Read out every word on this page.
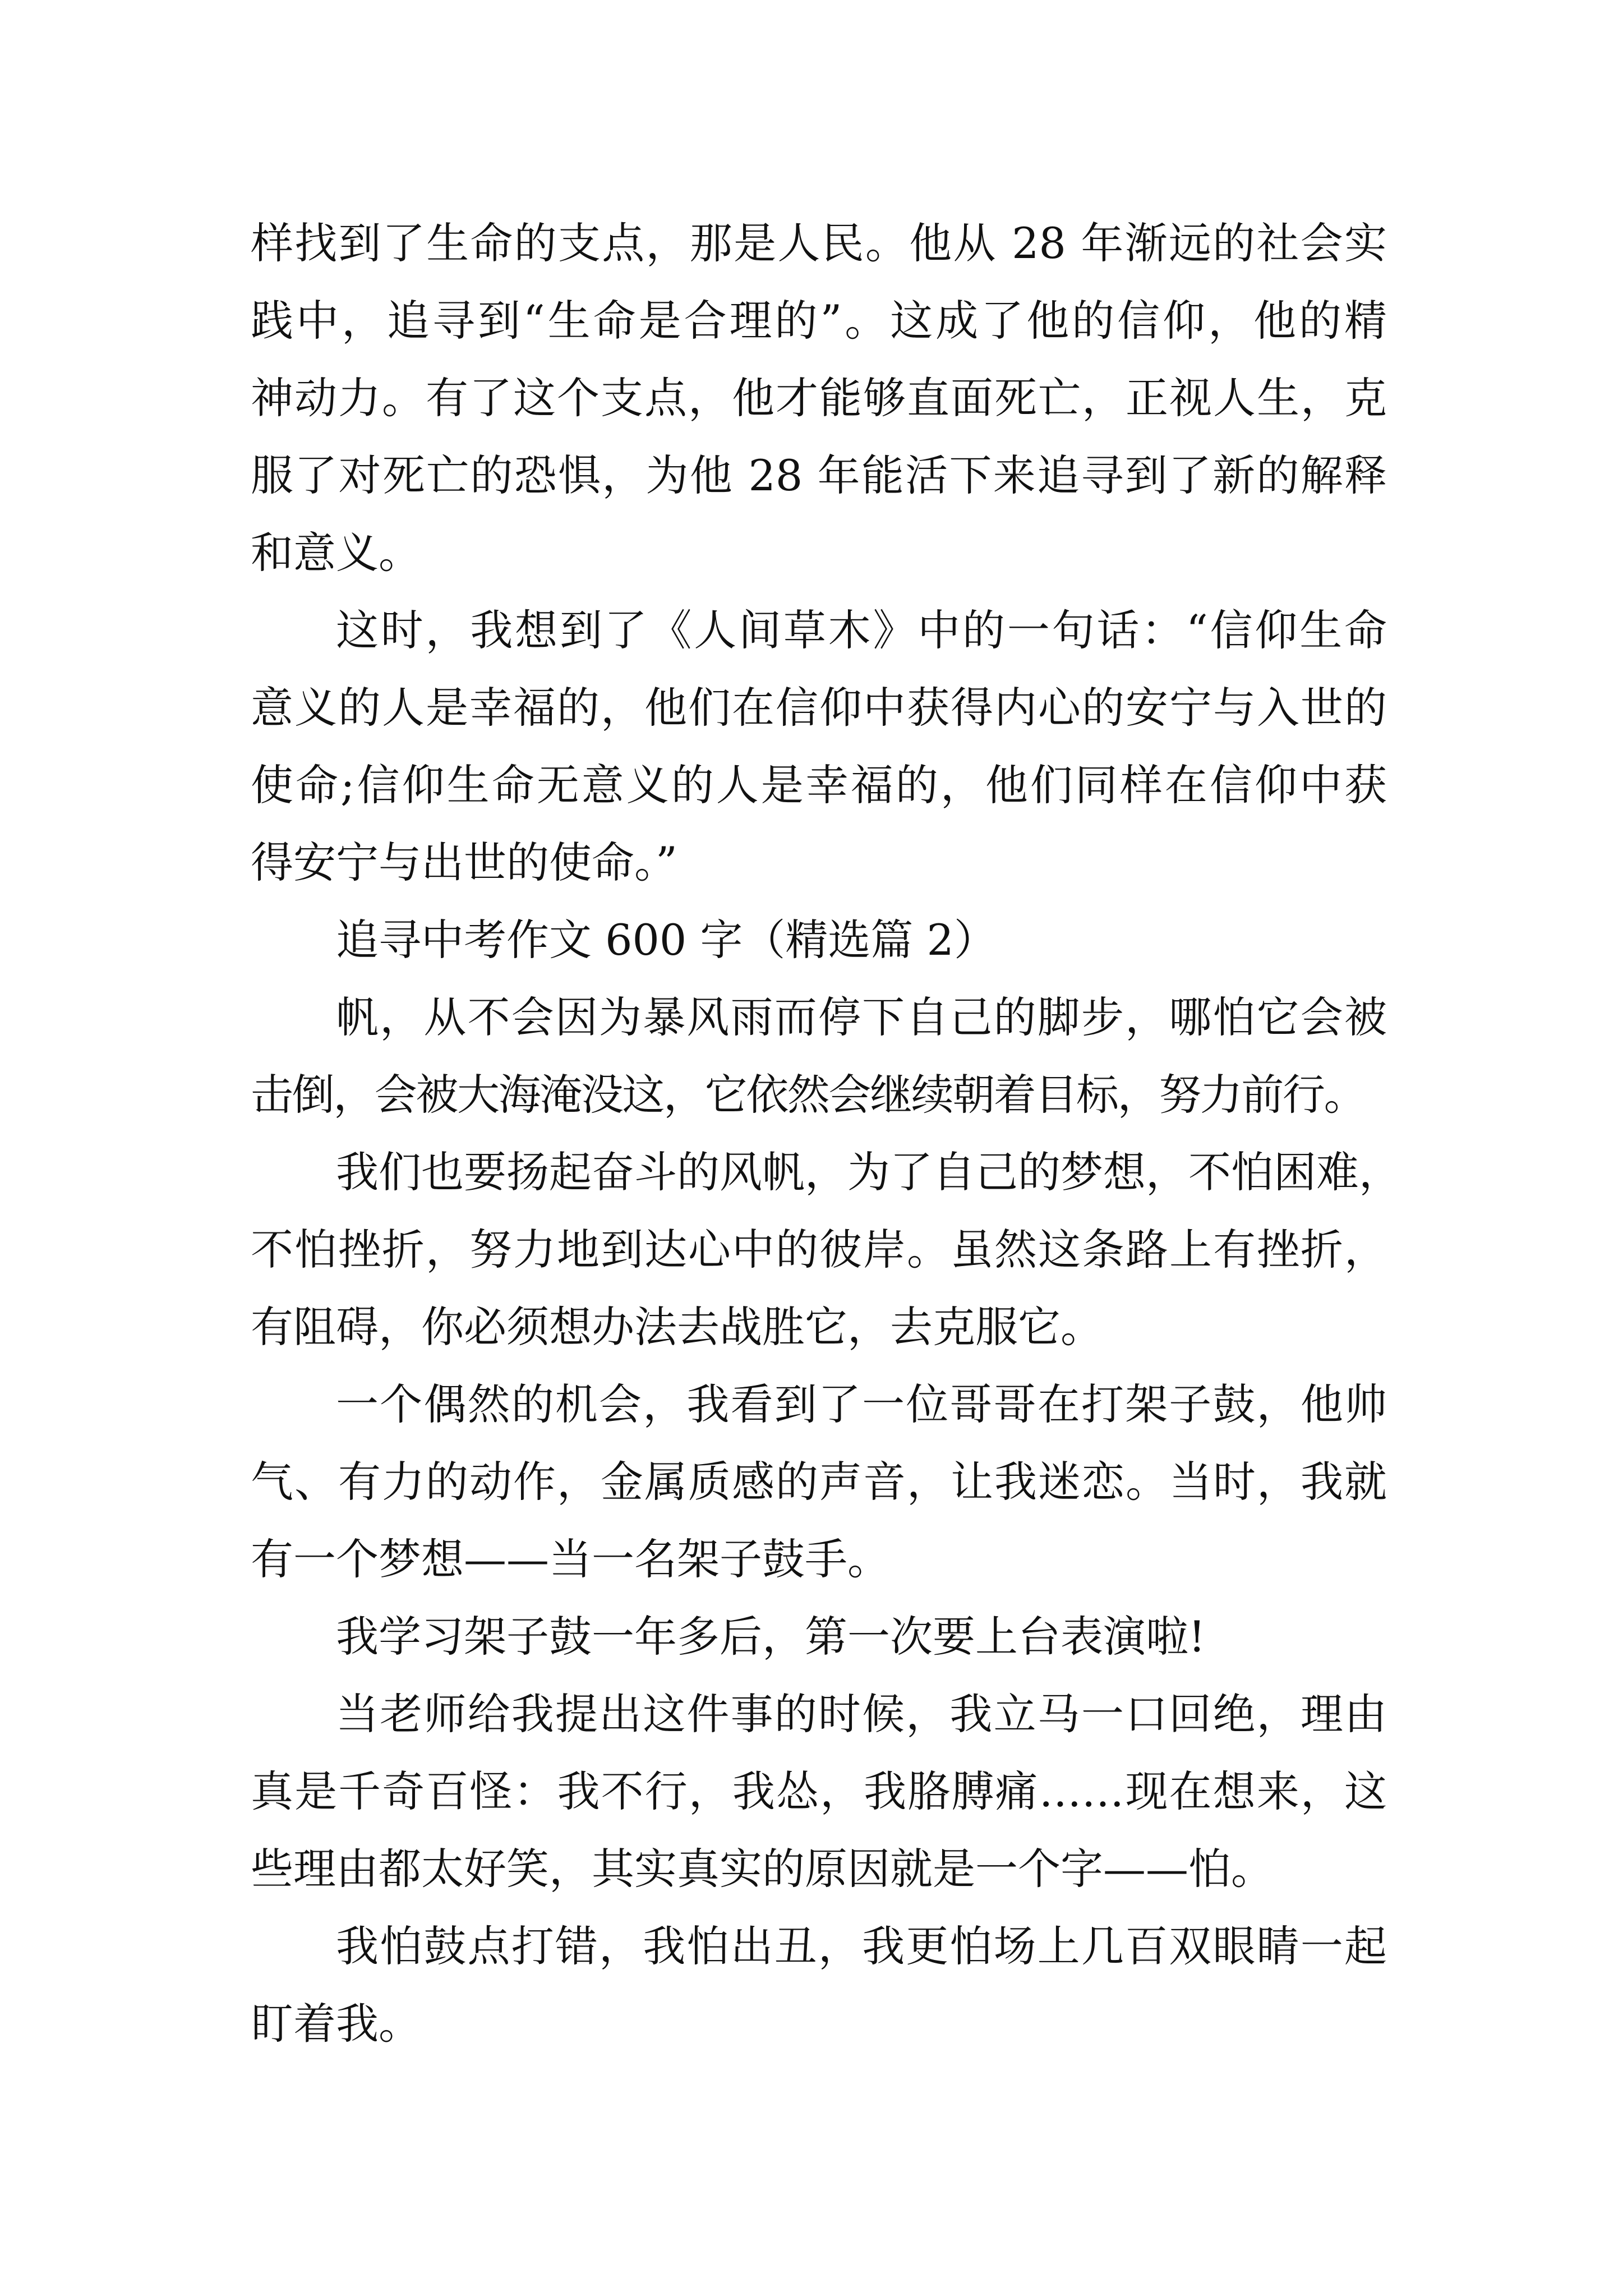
样找到了生命的支点，那是人民。他从 28 年渐远的社会实
践中，追寻到“生命是合理的”。这成了他的信仰，他的精
神动力。有了这个支点，他才能够直面死亡，正视人生，克
服了对死亡的恐惧，为他 28 年能活下来追寻到了新的解释
和意义。
这时，我想到了《人间草木》中的一句话：“信仰生命
意义的人是幸福的，他们在信仰中获得内心的安宁与入世的
使命;信仰生命无意义的人是幸福的，他们同样在信仰中获
得安宁与出世的使命。”
追寻中考作文 600 字（精选篇 2）
帆，从不会因为暴风雨而停下自己的脚步，哪怕它会被
击倒，会被大海淹没这，它依然会继续朝着目标，努力前行。
我们也要扬起奋斗的风帆，为了自己的梦想，不怕困难，
不怕挫折，努力地到达心中的彼岸。虽然这条路上有挫折，
有阻碍，你必须想办法去战胜它，去克服它。
一个偶然的机会，我看到了一位哥哥在打架子鼓，他帅
气、有力的动作，金属质感的声音，让我迷恋。当时，我就
有一个梦想——当一名架子鼓手。
我学习架子鼓一年多后，第一次要上台表演啦!
当老师给我提出这件事的时候，我立马一口回绝，理由
真是千奇百怪：我不行，我怂，我胳膊痛……现在想来，这
些理由都太好笑，其实真实的原因就是一个字——怕。
我怕鼓点打错，我怕出丑，我更怕场上几百双眼睛一起
盯着我。
